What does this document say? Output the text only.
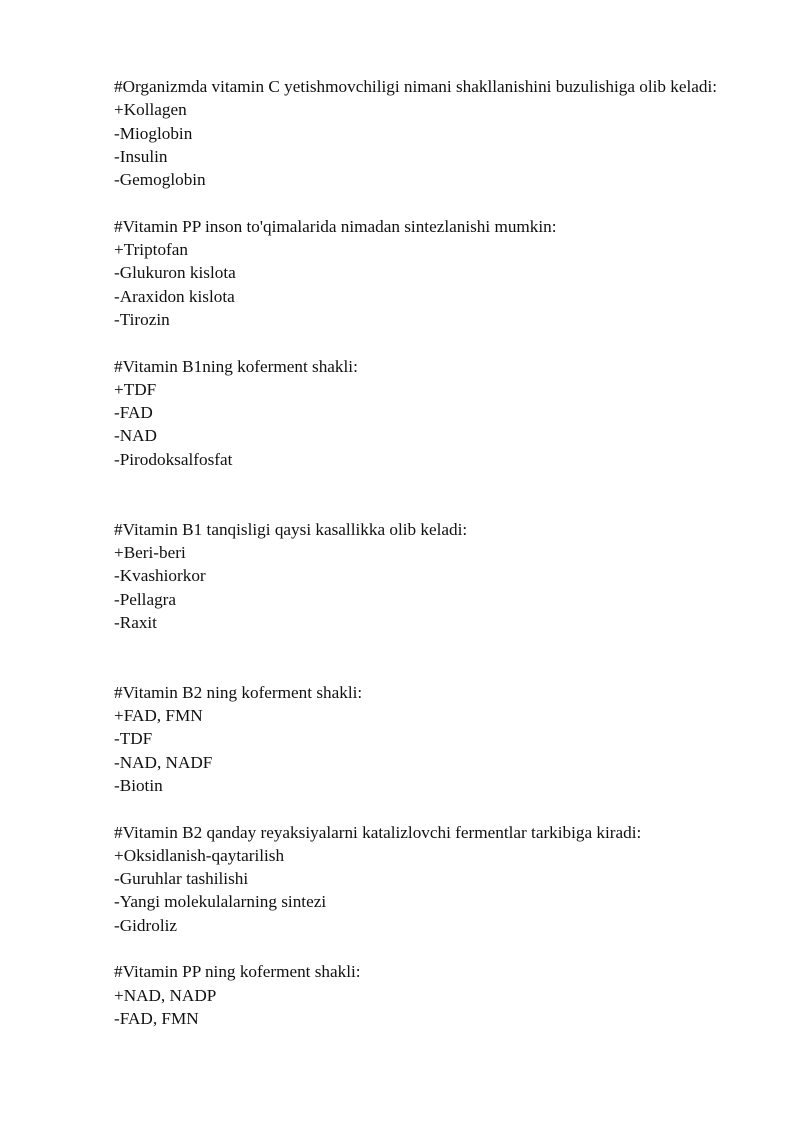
#Organizmda vitamin C yetishmovchiligi nimani shakllanishini buzulishiga olib keladi:
+Kollagen
-Mioglobin
-Insulin
-Gemoglobin
#Vitamin PP inson to'qimalarida nimadan sintezlanishi mumkin:
+Triptofan
-Glukuron kislota
-Araxidon kislota
-Tirozin
#Vitamin B1ning koferment shakli:
+TDF
-FAD
-NAD
-Pirodoksalfosfat
#Vitamin B1 tanqisligi qaysi kasallikka olib keladi:
+Beri-beri
-Kvashiorkor
-Pellagra
-Raxit
#Vitamin B2 ning koferment shakli:
+FAD, FMN
-TDF
-NAD, NADF
-Biotin
#Vitamin B2 qanday reyaksiyalarni katalizlovchi fermentlar tarkibiga kiradi:
+Oksidlanish-qaytarilish
-Guruhlar tashilishi
-Yangi molekulalarning sintezi
-Gidroliz
#Vitamin PP ning koferment shakli:
+NAD, NADP
-FAD, FMN
